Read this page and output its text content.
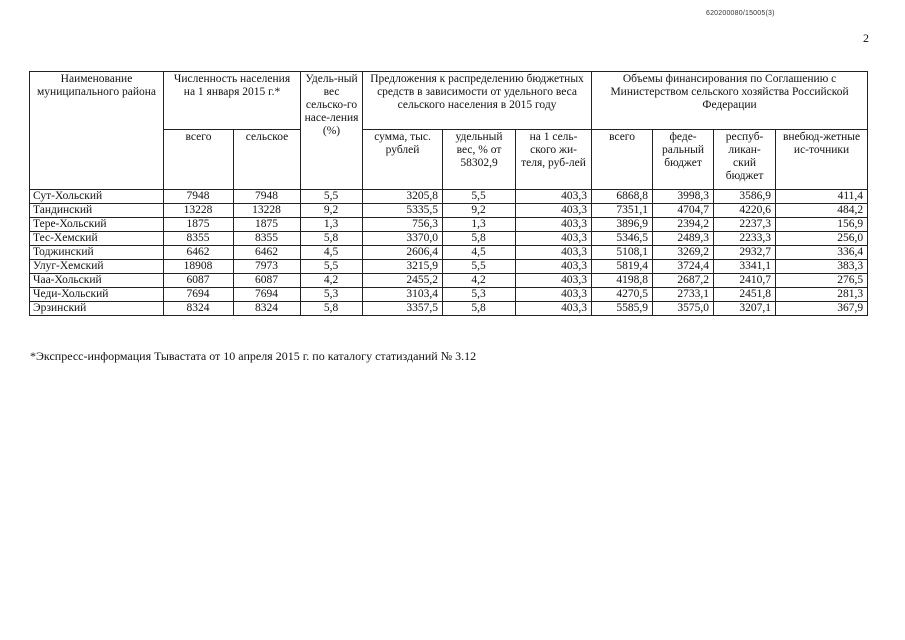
620200080/15005(3)
2
Наименование муниципального района	Численность населения на 1 января 2015 г.*		Удель-ный вес сельско-го насе-ления (%)	Предложения к распределению бюджетных средств в зависимости от удельного веса сельского населения в 2015 году			Объемы финансирования по Соглашению с Министерством сельского хозяйства Российской Федерации			
	всего	сельское		сумма, тыс. рублей	удельный вес, % от 58302,9	на 1 сель-ского жи-теля, руб-лей	всего	феде-ральный бюджет	респуб-ликан-ский бюджет	внебюд-жетные ис-точники
Сут-Хольский	7948	7948	5,5	3205,8	5,5	403,3	6868,8	3998,3	3586,9	411,4
Тандинский	13228	13228	9,2	5335,5	9,2	403,3	7351,1	4704,7	4220,6	484,2
Тере-Хольский	1875	1875	1,3	756,3	1,3	403,3	3896,9	2394,2	2237,3	156,9
Тес-Хемский	8355	8355	5,8	3370,0	5,8	403,3	5346,5	2489,3	2233,3	256,0
Тоджинский	6462	6462	4,5	2606,4	4,5	403,3	5108,1	3269,2	2932,7	336,4
Улуг-Хемский	18908	7973	5,5	3215,9	5,5	403,3	5819,4	3724,4	3341,1	383,3
Чаа-Хольский	6087	6087	4,2	2455,2	4,2	403,3	4198,8	2687,2	2410,7	276,5
Чеди-Хольский	7694	7694	5,3	3103,4	5,3	403,3	4270,5	2733,1	2451,8	281,3
Эрзинский	8324	8324	5,8	3357,5	5,8	403,3	5585,9	3575,0	3207,1	367,9
*Экспресс-информация Тывастата от 10 апреля 2015 г. по каталогу статизданий № 3.12
